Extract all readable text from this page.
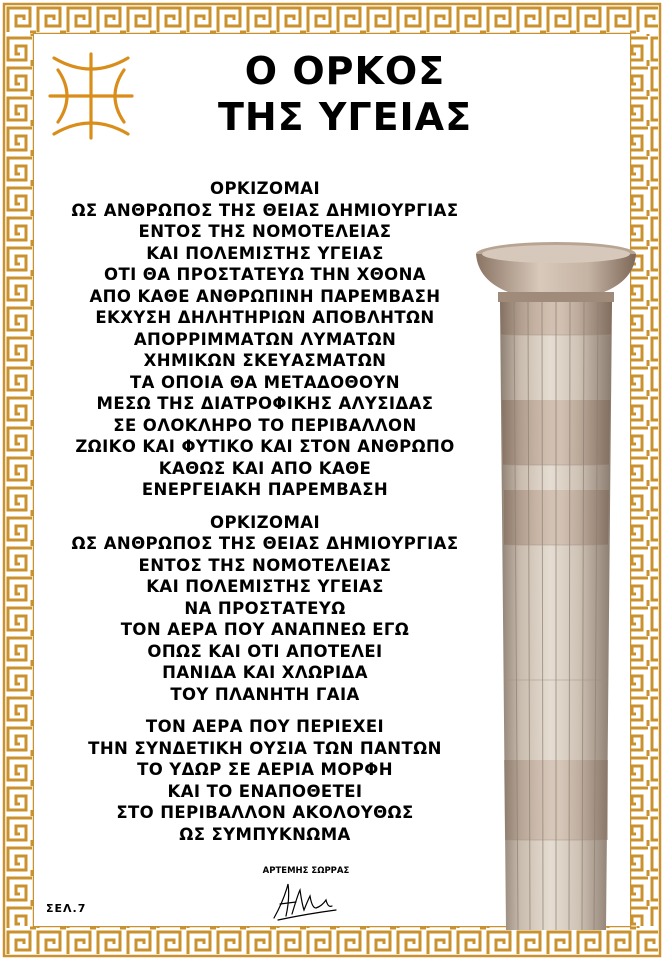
Ο ΟΡΚΟΣ
ΤΗΣ ΥΓΕΙΑΣ
ΟΡΚΙΖΟΜΑΙ
ΩΣ ΑΝΘΡΩΠΟΣ ΤΗΣ ΘΕΙΑΣ ΔΗΜΙΟΥΡΓΙΑΣ
ΕΝΤΟΣ ΤΗΣ ΝΟΜΟΤΕΛΕΙΑΣ
ΚΑΙ ΠΟΛΕΜΙΣΤΗΣ ΥΓΕΙΑΣ
ΟΤΙ ΘΑ ΠΡΟΣΤΑΤΕΥΩ ΤΗΝ ΧΘΟΝΑ
ΑΠΟ ΚΑΘΕ ΑΝΘΡΩΠΙΝΗ ΠΑΡΕΜΒΑΣΗ
ΕΚΧΥΣΗ ΔΗΛΗΤΗΡΙΩΝ ΑΠΟΒΛΗΤΩΝ
ΑΠΟΡΡΙΜΜΑΤΩΝ ΛΥΜΑΤΩΝ
ΧΗΜΙΚΩΝ ΣΚΕΥΑΣΜΑΤΩΝ
ΤΑ ΟΠΟΙΑ ΘΑ ΜΕΤΑΔΟΘΟΥΝ
ΜΕΣΩ ΤΗΣ ΔΙΑΤΡΟΦΙΚΗΣ ΑΛΥΣΙΔΑΣ
ΣΕ ΟΛΟΚΛΗΡΟ ΤΟ ΠΕΡΙΒΑΛΛΟΝ
ΖΩΙΚΟ ΚΑΙ ΦΥΤΙΚΟ ΚΑΙ ΣΤΟΝ ΑΝΘΡΩΠΟ
ΚΑΘΩΣ ΚΑΙ ΑΠΟ ΚΑΘΕ
ΕΝΕΡΓΕΙΑΚΗ ΠΑΡΕΜΒΑΣΗ
ΟΡΚΙΖΟΜΑΙ
ΩΣ ΑΝΘΡΩΠΟΣ ΤΗΣ ΘΕΙΑΣ ΔΗΜΙΟΥΡΓΙΑΣ
ΕΝΤΟΣ ΤΗΣ ΝΟΜΟΤΕΛΕΙΑΣ
ΚΑΙ ΠΟΛΕΜΙΣΤΗΣ ΥΓΕΙΑΣ
ΝΑ ΠΡΟΣΤΑΤΕΥΩ
ΤΟΝ ΑΕΡΑ ΠΟΥ ΑΝΑΠΝΕΩ ΕΓΩ
ΟΠΩΣ ΚΑΙ ΟΤΙ ΑΠΟΤΕΛΕΙ
ΠΑΝΙΔΑ ΚΑΙ ΧΛΩΡΙΔΑ
ΤΟΥ ΠΛΑΝΗΤΗ ΓΑΙΑ
ΤΟΝ ΑΕΡΑ ΠΟΥ ΠΕΡΙΕΧΕΙ
ΤΗΝ ΣΥΝΔΕΤΙΚΗ ΟΥΣΙΑ ΤΩΝ ΠΑΝΤΩΝ
ΤΟ ΥΔΩΡ ΣΕ ΑΕΡΙΑ ΜΟΡΦΗ
ΚΑΙ ΤΟ ΕΝΑΠΟΘΕΤΕΙ
ΣΤΟ ΠΕΡΙΒΑΛΛΟΝ ΑΚΟΛΟΥΘΩΣ
ΩΣ ΣΥΜΠΥΚΝΩΜΑ
ΑΡΤΕΜΗΣ ΣΩΡΡΑΣ
ΣΕΛ.7
